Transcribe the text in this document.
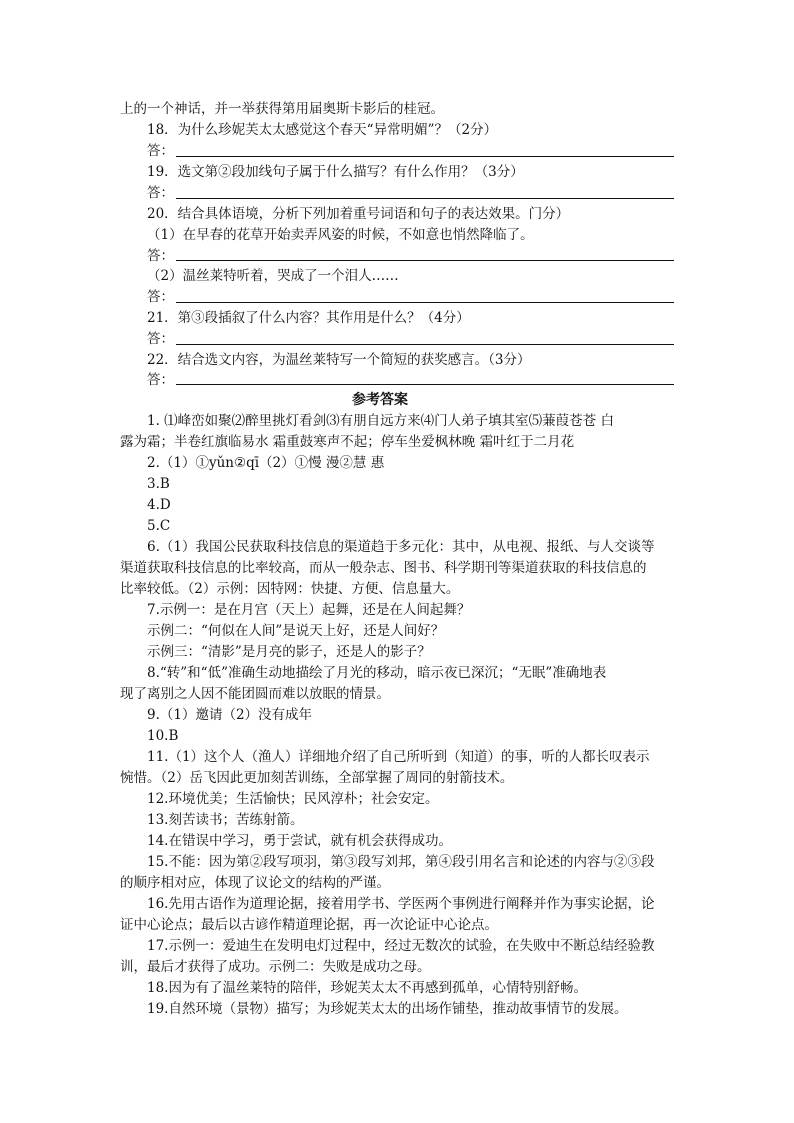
上的一个神话，并一举获得第用届奥斯卡影后的桂冠。
18．为什么珍妮芙太太感觉这个春天“异常明媚”？（2分）
答：
19．选文第②段加线句子属于什么描写？有什么作用？（3分）
答：
20．结合具体语境，分析下列加着重号词语和句子的表达效果。门分）
（1）在早春的花草开始卖弄风姿的时候，不如意也悄然降临了。
答：
（2）温丝莱特听着，哭成了一个泪人……
答：
21．第③段插叙了什么内容？其作用是什么？（4分）
答：
22．结合选文内容，为温丝莱特写一个简短的获奖感言。（3分）
答：
参考答案
1. ⑴峰峦如聚⑵醉里挑灯看剑⑶有朋自远方来⑷门人弟子填其室⑸蒹葭苍苍 白
露为霜；半卷红旗临易水 霜重鼓寒声不起；停车坐爱枫林晚 霜叶红于二月花
2.（1）①yǔn②qī（2）①慢 漫②慧 惠
3.B
4.D
5.C
6.（1）我国公民获取科技信息的渠道趋于多元化：其中，从电视、报纸、与人交谈等
渠道获取科技信息的比率较高，而从一般杂志、图书、科学期刊等渠道获取的科技信息的
比率较低。（2）示例：因特网：快捷、方便、信息量大。
7.示例一：是在月宫（天上）起舞，还是在人间起舞？
示例二：“何似在人间”是说天上好，还是人间好？
示例三：“清影”是月亮的影子，还是人的影子？
8.“转”和“低”准确生动地描绘了月光的移动，暗示夜已深沉；“无眠”准确地表
现了离别之人因不能团圆而难以放眠的情景。
9.（1）邀请（2）没有成年
10.B
11.（1）这个人（渔人）详细地介绍了自己所听到（知道）的事，听的人都长叹表示
惋惜。（2）岳飞因此更加刻苦训练，全部掌握了周同的射箭技术。
12.环境优美；生活愉快；民风淳朴；社会安定。
13.刻苦读书；苦练射箭。
14.在错误中学习，勇于尝试，就有机会获得成功。
15.不能：因为第②段写项羽，第③段写刘邦，第④段引用名言和论述的内容与②③段
的顺序相对应，体现了议论文的结构的严谨。
16.先用古语作为道理论据，接着用学书、学医两个事例进行阐释并作为事实论据，论
证中心论点；最后以古谚作精道理论据，再一次论证中心论点。
17.示例一：爱迪生在发明电灯过程中，经过无数次的试验，在失败中不断总结经验教
训，最后才获得了成功。示例二：失败是成功之母。
18.因为有了温丝莱特的陪伴，珍妮芙太太不再感到孤单，心情特别舒畅。
19.自然环境（景物）描写；为珍妮芙太太的出场作铺垫，推动故事情节的发展。
